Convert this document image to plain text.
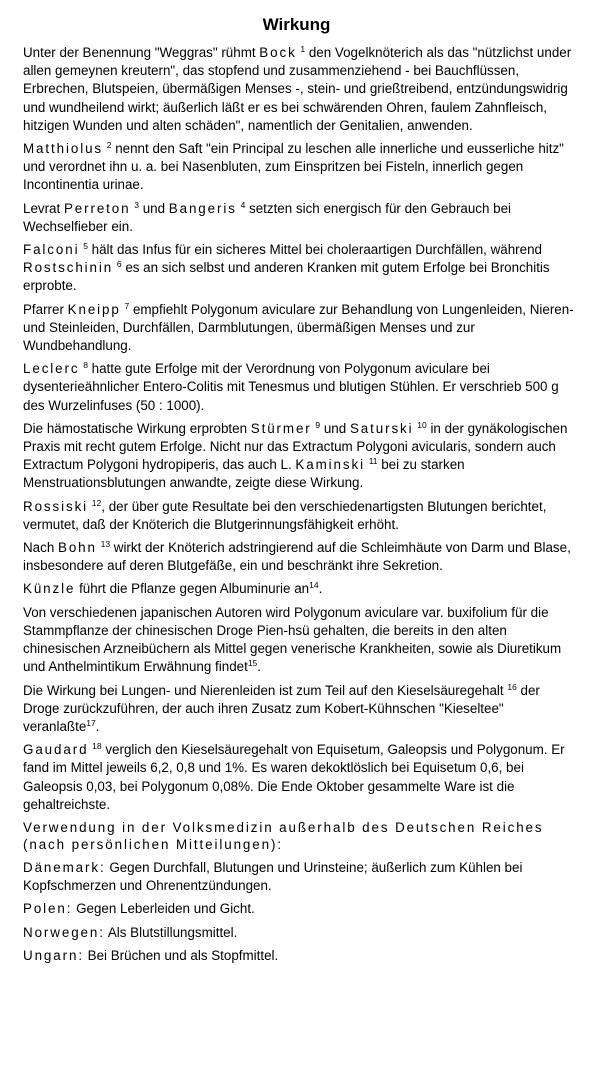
Wirkung

Unter der Benennung "Weggras" rühmt Bock $^1$ den Vogelknöterich als das "nützlichst under allen gemeynen kreutern", das stopfend und zusammenziehend - bei Bauchflüssen, Erbrechen, Blutspeien, übermäßigen Menses -, stein- und grießtreibend, entzündungswidrig und wundheilend wirkt; äußerlich läßt er es bei schwärenden Ohren, faulem Zahnfleisch, hitzigen Wunden und alten schäden", namentlich der Genitalien, anwenden.

Matthiolus $^2$ nennt den Saft "ein Principal zu leschen alle innerliche und eusserliche hitz" und verordnet ihn u. a. bei Nasenbluten, zum Einspritzen bei Fisteln, innerlich gegen Incontinentia urinae.

Levrat Perreton $^3$ und Bangeris $^4$ setzten sich energisch für den Gebrauch bei Wechselfieber ein.

Falconi $^5$ hält das Infus für ein sicheres Mittel bei choleraartigen Durchfällen, während Rostschinin $^6$ es an sich selbst und anderen Kranken mit gutem Erfolge bei Bronchitis erprobte.

Pfarrer Kneipp $^7$ empfiehlt Polygonum aviculare zur Behandlung von Lungenleiden, Nieren- und Steinleiden, Durchfällen, Darmblutungen, übermäßigen Menses und zur Wundbehandlung.

Leclerc $^8$ hatte gute Erfolge mit der Verordnung von Polygonum aviculare bei dysenterieähnlicher Entero-Colitis mit Tenesmus und blutigen Stühlen. Er verschrieb 500 g des Wurzelinfuses (50 : 1000).

Die hämostatische Wirkung erprobten Stürmer $^9$ und Saturski $^{10}$ in der gynäkologischen Praxis mit recht gutem Erfolge. Nicht nur das Extractum Polygoni avicularis, sondern auch Extractum Polygoni hydropiperis, das auch L. Kaminski $^{11}$ bei zu starken Menstruationsblutungen anwandte, zeigte diese Wirkung.

Rossiski $^{12}$, der über gute Resultate bei den verschiedenartigsten Blutungen berichtet, vermutet, daß der Knöterich die Blutgerinnungsfähigkeit erhöht.

Nach Bohn $^{13}$ wirkt der Knöterich adstringierend auf die Schleimhäute von Darm und Blase, insbesondere auf deren Blutgefäße, ein und beschränkt ihre Sekretion.

Künzle führt die Pflanze gegen Albuminurie $an^{14}$.

Von verschiedenen japanischen Autoren wird Polygonum aviculare var. buxifolium für die Stammpflanze der chinesischen Droge Pien-hsü gehalten, die bereits in den alten chinesischen Arzneibüchern als Mittel gegen venerische Krankheiten, sowie als Diuretikum und Anthelmintikum Erwähnung findet$^{15}$.

Die Wirkung bei Lungen- und Nierenleiden ist zum Teil auf den Kieselsäuregehalt $^{16}$ der Droge zurückzuführen, der auch ihren Zusatz zum Kobert-Kühnschen "Kieseltee" veranlaßte$^{17}$.

Gaudard $^{18}$ verglich den Kieselsäuregehalt von Equisetum, Galeopsis und Polygonum. Er fand im Mittel jeweils 6,2, 0,8 und 1%. Es waren dekoktlöslich bei Equisetum 0,6, bei Galeopsis 0,03, bei Polygonum 0,08%. Die Ende Oktober gesammelte Ware ist die gehaltreichste.

Verwendung in der Volksmedizin außerhalb des Deutschen Reiches (nach persönlichen Mitteilungen):

Dänemark: Gegen Durchfall, Blutungen und Urinsteine; äußerlich zum Kühlen bei Kopfschmerzen und Ohrenentzündungen.

Polen: Gegen Leberleiden und Gicht.

Norwegen: Als Blutstillungsmittel.

Ungarn: Bei Brüchen und als Stopfmittel.
